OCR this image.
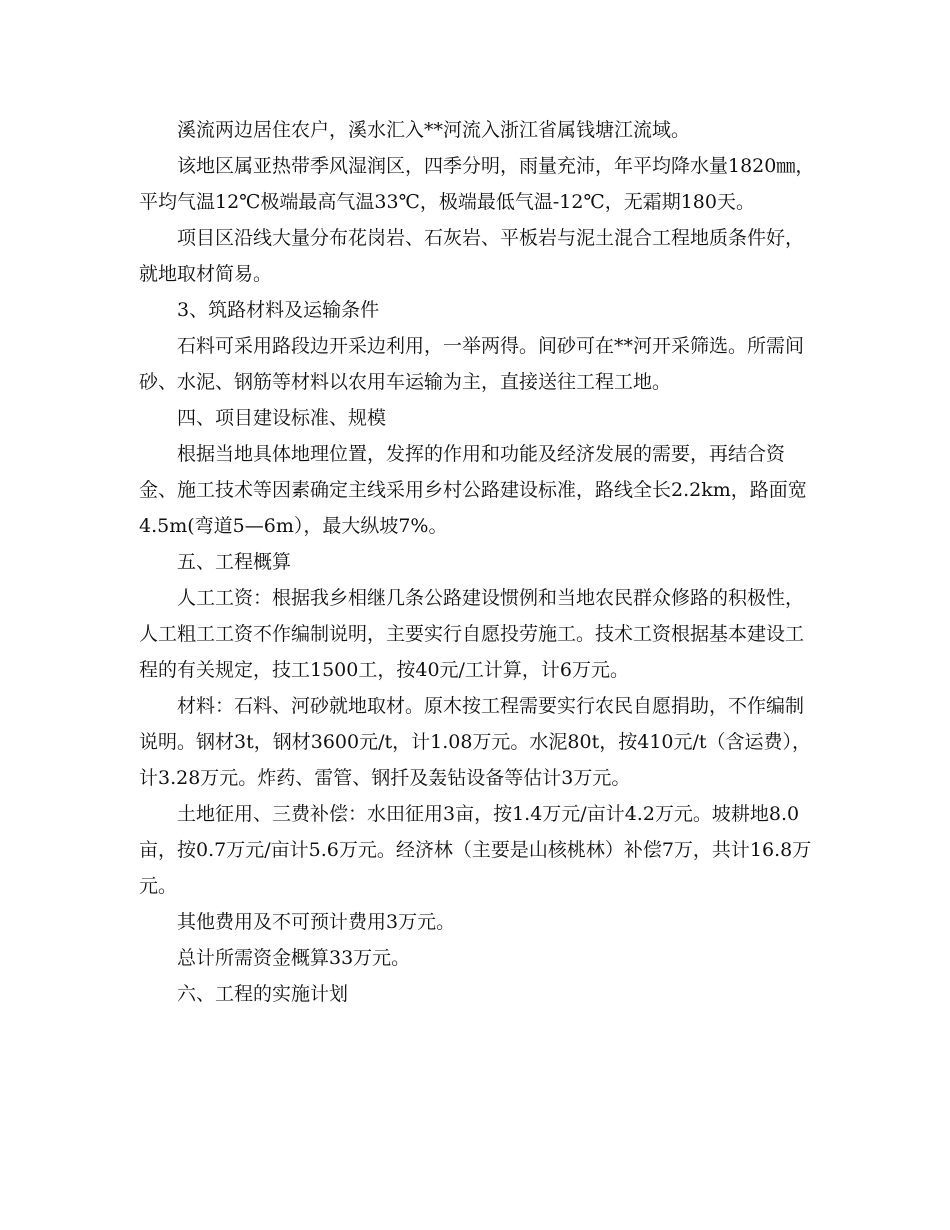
溪流两边居住农户，溪水汇入**河流入浙江省属钱塘江流域。

该地区属亚热带季风湿润区，四季分明，雨量充沛，年平均降水量1820㎜，平均气温12℃极端最高气温33℃，极端最低气温-12℃，无霜期180天。

项目区沿线大量分布花岗岩、石灰岩、平板岩与泥土混合工程地质条件好，就地取材简易。

3、筑路材料及运输条件

石料可采用路段边开采边利用，一举两得。间砂可在**河开采筛选。所需间砂、水泥、钢筋等材料以农用车运输为主，直接送往工程工地。

四、项目建设标准、规模

根据当地具体地理位置，发挥的作用和功能及经济发展的需要，再结合资金、施工技术等因素确定主线采用乡村公路建设标准，路线全长2.2km，路面宽4.5m(弯道5—6m），最大纵坡7%。

五、工程概算

人工工资：根据我乡相继几条公路建设惯例和当地农民群众修路的积极性，人工粗工工资不作编制说明，主要实行自愿投劳施工。技术工资根据基本建设工程的有关规定，技工1500工，按40元/工计算，计6万元。

材料：石料、河砂就地取材。原木按工程需要实行农民自愿捐助，不作编制说明。钢材3t，钢材3600元/t，计1.08万元。水泥80t，按410元/t（含运费），计3.28万元。炸药、雷管、钢扦及轰钻设备等估计3万元。

土地征用、三费补偿：水田征用3亩，按1.4万元/亩计4.2万元。坡耕地8.0亩，按0.7万元/亩计5.6万元。经济林（主要是山核桃林）补偿7万，共计16.8万元。

其他费用及不可预计费用3万元。

总计所需资金概算33万元。

六、工程的实施计划
